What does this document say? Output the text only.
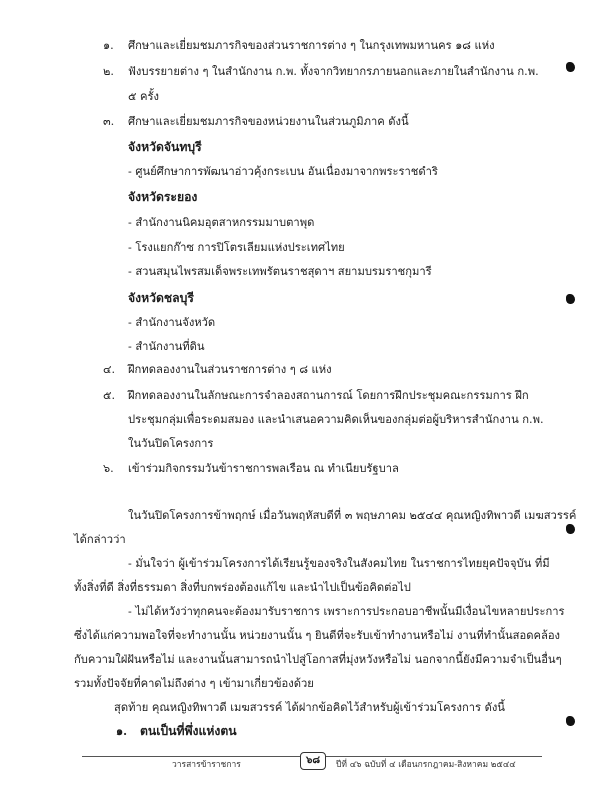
๑. ศึกษาและเยี่ยมชมภารกิจของส่วนราชการต่าง ๆ ในกรุงเทพมหานคร ๑๘ แห่ง
๒. ฟังบรรยายต่าง ๆ ในสำนักงาน ก.พ. ทั้งจากวิทยากรภายนอกและภายในสำนักงาน ก.พ.
๕ ครั้ง
๓. ศึกษาและเยี่ยมชมภารกิจของหน่วยงานในส่วนภูมิภาค ดังนี้
จังหวัดจันทบุรี
- ศูนย์ศึกษาการพัฒนาอ่าวคุ้งกระเบน อันเนื่องมาจากพระราชดำริ
จังหวัดระยอง
- สำนักงานนิคมอุตสาหกรรมมาบตาพุด
- โรงแยกก๊าซ การปิโตรเลียมแห่งประเทศไทย
- สวนสมุนไพรสมเด็จพระเทพรัตนราชสุดาฯ สยามบรมราชกุมารี
จังหวัดชลบุรี
- สำนักงานจังหวัด
- สำนักงานที่ดิน
๔. ฝึกทดลองงานในส่วนราชการต่าง ๆ ๘ แห่ง
๕. ฝึกทดลองงานในลักษณะการจำลองสถานการณ์ โดยการฝึกประชุมคณะกรรมการ ฝึก
ประชุมกลุ่มเพื่อระดมสมอง และนำเสนอความคิดเห็นของกลุ่มต่อผู้บริหารสำนักงาน ก.พ.
ในวันปิดโครงการ
๖. เข้าร่วมกิจกรรมวันข้าราชการพลเรือน ณ ทำเนียบรัฐบาล
ในวันปิดโครงการข้าพฤกษ์ เมื่อวันพฤหัสบดีที่ ๓ พฤษภาคม ๒๕๔๔ คุณหญิงทิพาวดี เมฆสวรรค์
ได้กล่าวว่า
- มั่นใจว่า ผู้เข้าร่วมโครงการได้เรียนรู้ของจริงในสังคมไทย ในราชการไทยยุคปัจจุบัน ที่มี
ทั้งสิ่งที่ดี สิ่งที่ธรรมดา สิ่งที่บกพร่องต้องแก้ไข และนำไปเป็นข้อคิดต่อไป
- ไม่ได้หวังว่าทุกคนจะต้องมารับราชการ เพราะการประกอบอาชีพนั้นมีเงื่อนไขหลายประการ
ซึ่งได้แก่ความพอใจที่จะทำงานนั้น หน่วยงานนั้น ๆ ยินดีที่จะรับเข้าทำงานหรือไม่ งานที่ทำนั้นสอดคล้อง
กับความใฝ่ฝันหรือไม่ และงานนั้นสามารถนำไปสู่โอกาสที่มุ่งหวังหรือไม่ นอกจากนี้ยังมีความจำเป็นอื่นๆ
รวมทั้งปัจจัยที่คาดไม่ถึงต่าง ๆ เข้ามาเกี่ยวข้องด้วย
สุดท้าย คุณหญิงทิพาวดี เมฆสวรรค์ ได้ฝากข้อคิดไว้สำหรับผู้เข้าร่วมโครงการ ดังนี้
๑. ตนเป็นที่พึ่งแห่งตน
วารสารข้าราชการ	๖๘	ปีที่ ๔๖ ฉบับที่ ๔ เดือนกรกฎาคม-สิงหาคม ๒๕๔๔
